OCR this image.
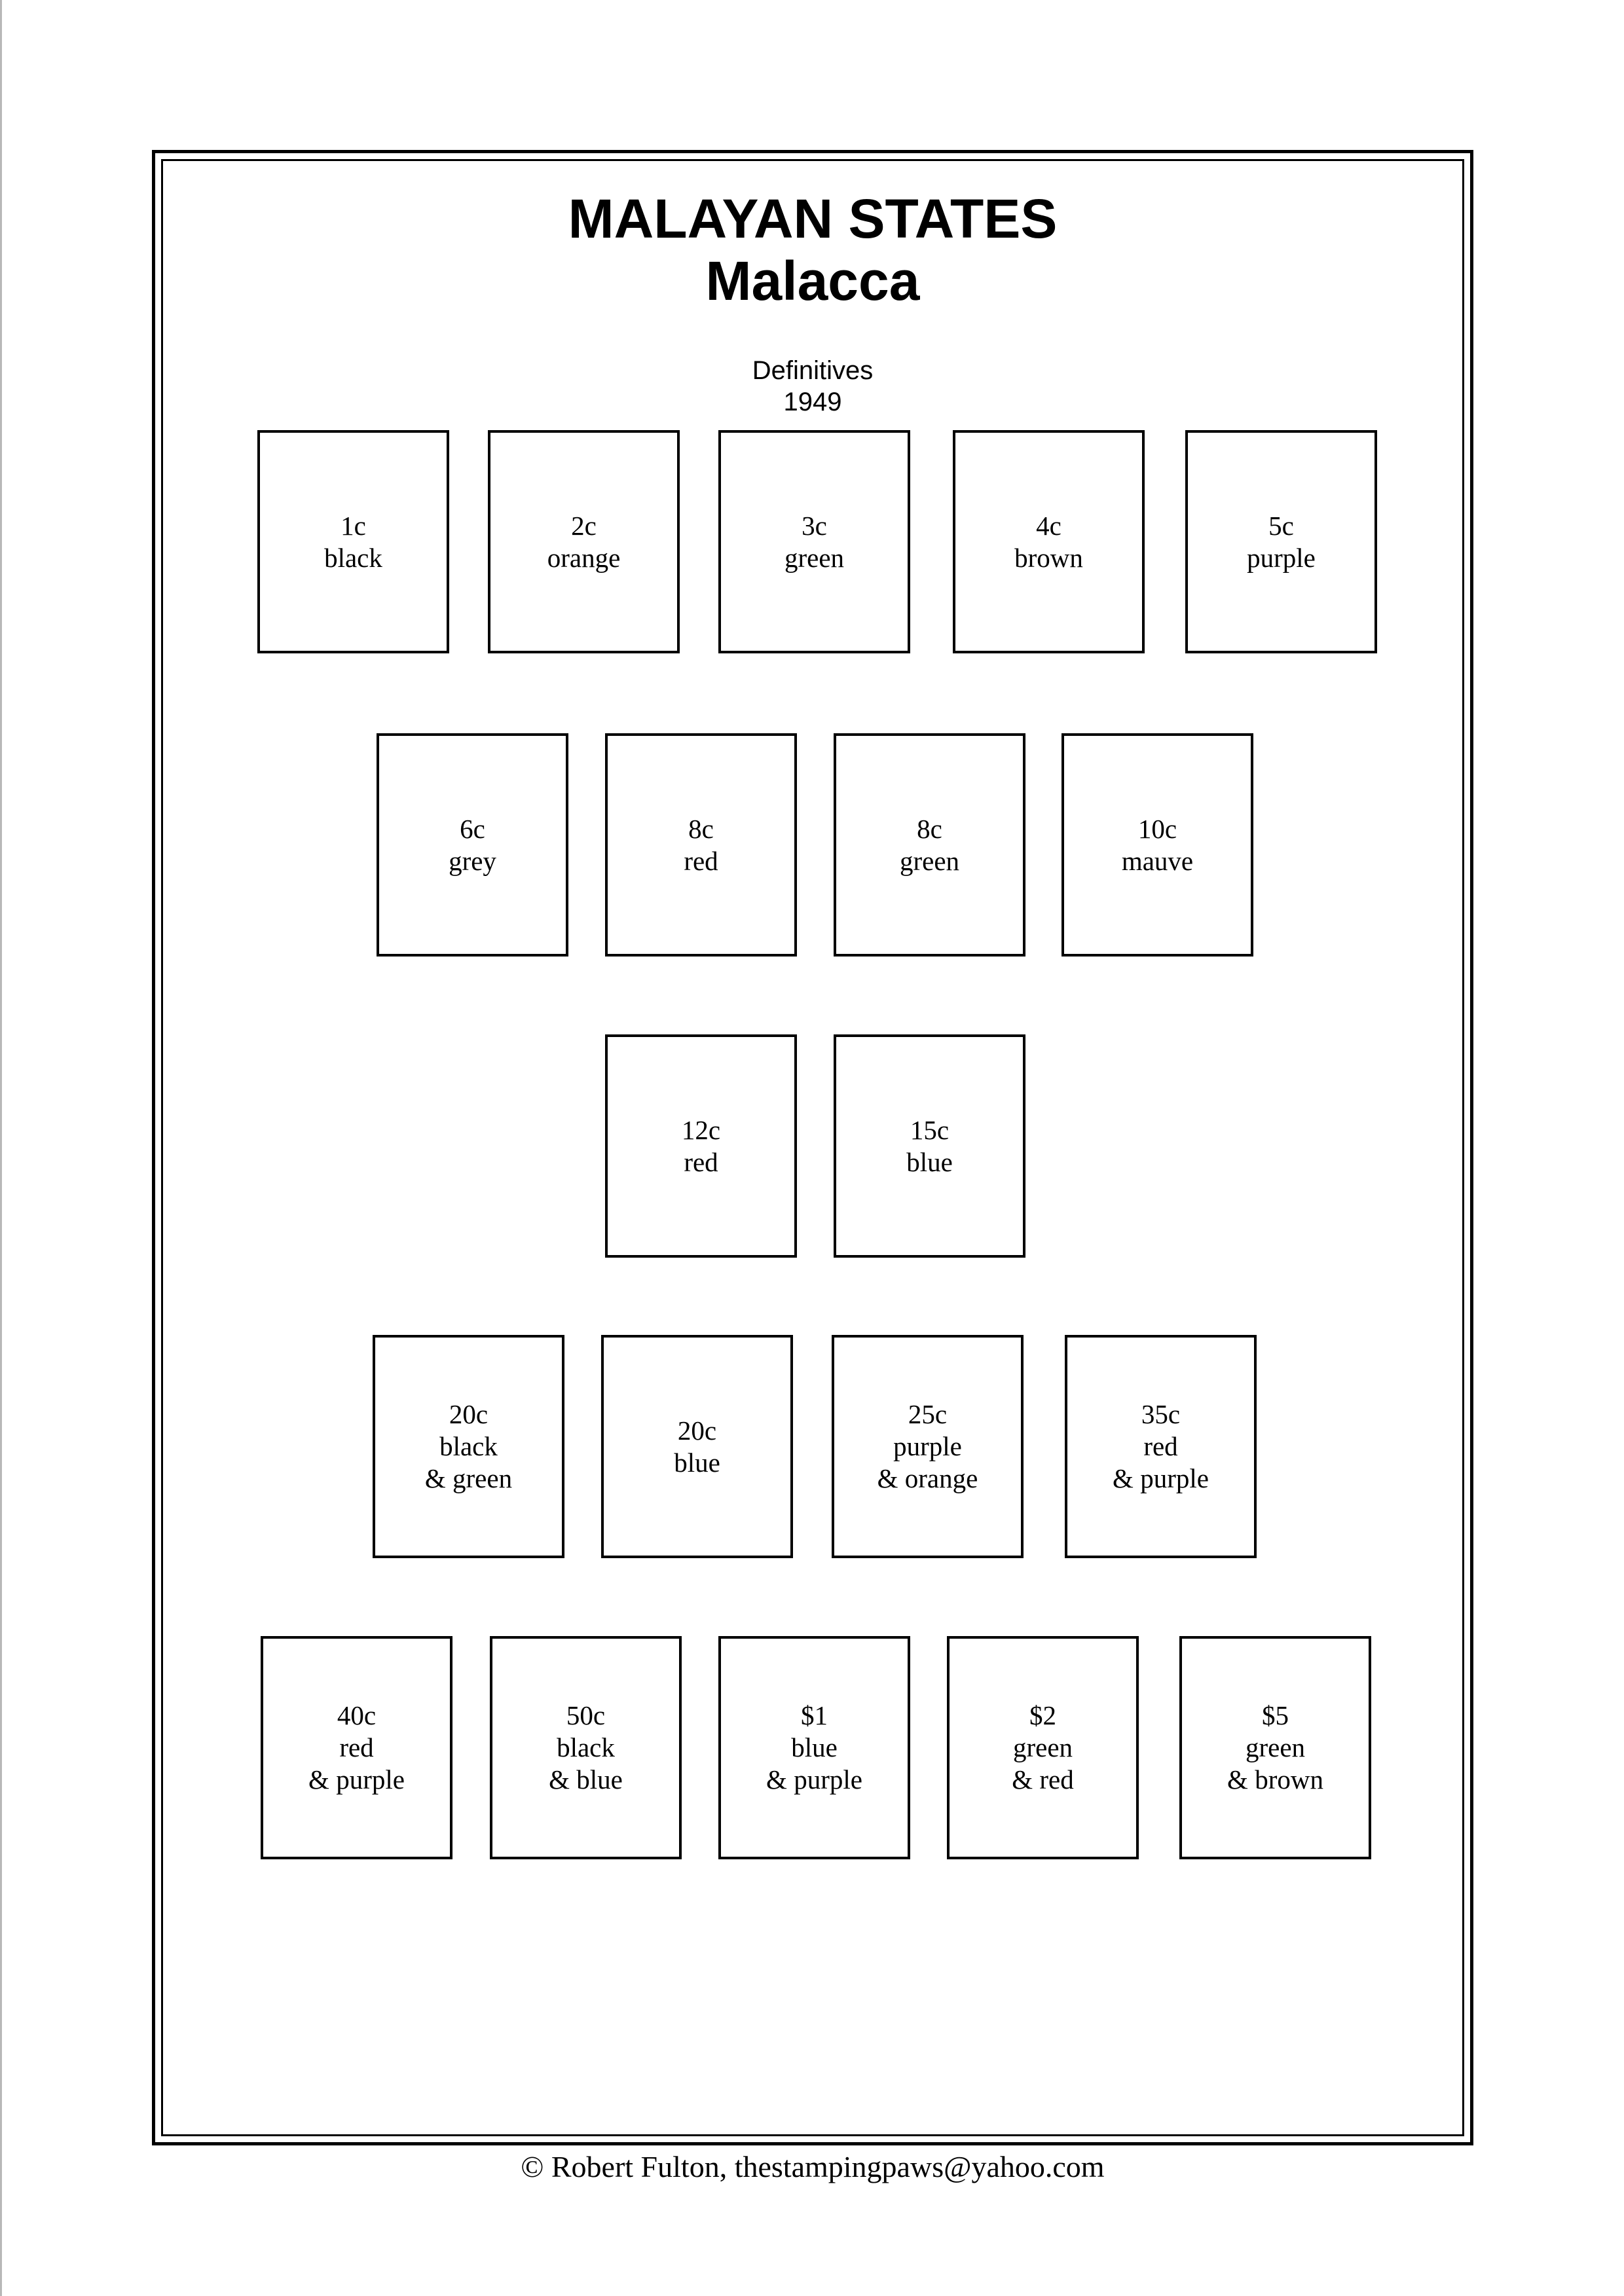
MALAYAN STATES
Malacca
Definitives
1949
1c
black
2c
orange
3c
green
4c
brown
5c
purple
6c
grey
8c
red
8c
green
10c
mauve
12c
red
15c
blue
20c
black
& green
20c
blue
25c
purple
& orange
35c
red
& purple
40c
red
& purple
50c
black
& blue
$1
blue
& purple
$2
green
& red
$5
green
& brown
© Robert Fulton, thestampingpaws@yahoo.com
